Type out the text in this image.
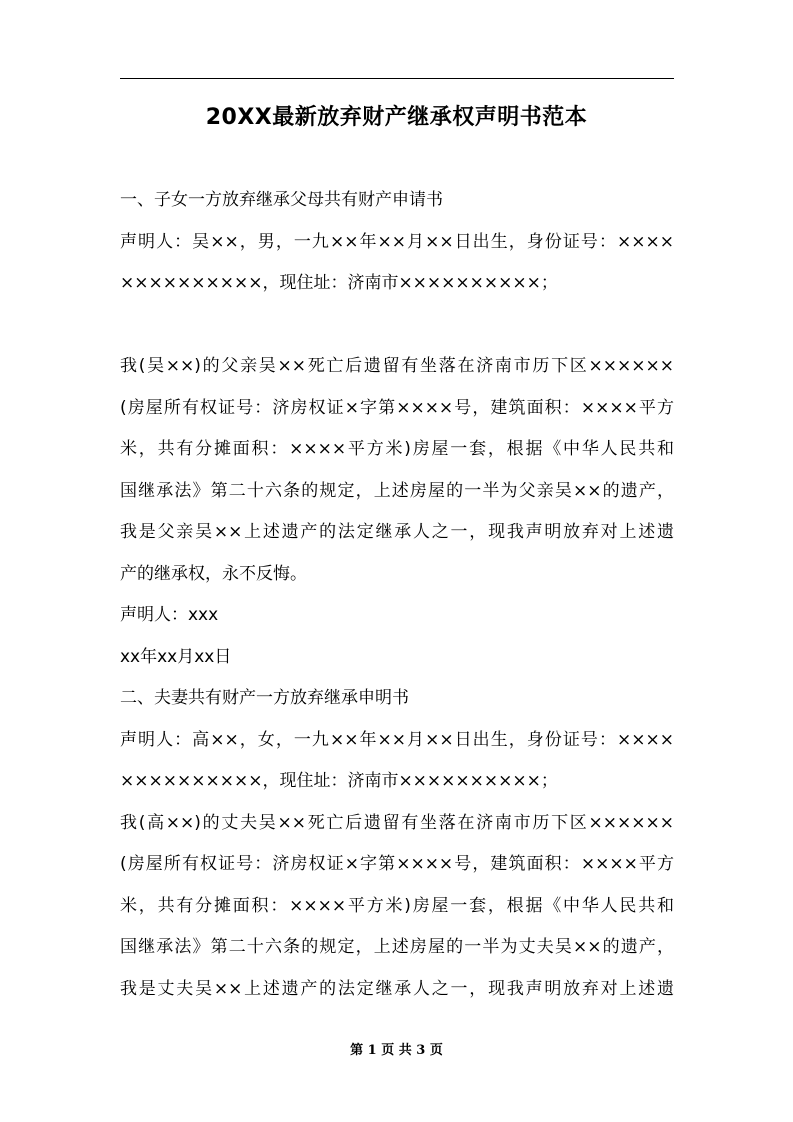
20XX最新放弃财产继承权声明书范本
一、子女一方放弃继承父母共有财产申请书
声明人：吴××，男，一九××年××月××日出生，身份证号：××××
××××××××××，现住址：济南市××××××××××；
我(吴××)的父亲吴××死亡后遗留有坐落在济南市历下区××××××
(房屋所有权证号：济房权证×字第××××号，建筑面积：××××平方
米，共有分摊面积：××××平方米)房屋一套，根据《中华人民共和
国继承法》第二十六条的规定，上述房屋的一半为父亲吴××的遗产，
我是父亲吴××上述遗产的法定继承人之一，现我声明放弃对上述遗
产的继承权，永不反悔。
声明人：xxx
xx年xx月xx日
二、夫妻共有财产一方放弃继承申明书
声明人：高××，女，一九××年××月××日出生，身份证号：××××
××××××××××，现住址：济南市××××××××××；
我(高××)的丈夫吴××死亡后遗留有坐落在济南市历下区××××××
(房屋所有权证号：济房权证×字第××××号，建筑面积：××××平方
米，共有分摊面积：××××平方米)房屋一套，根据《中华人民共和
国继承法》第二十六条的规定，上述房屋的一半为丈夫吴××的遗产，
我是丈夫吴××上述遗产的法定继承人之一，现我声明放弃对上述遗
第 1 页 共 3 页
